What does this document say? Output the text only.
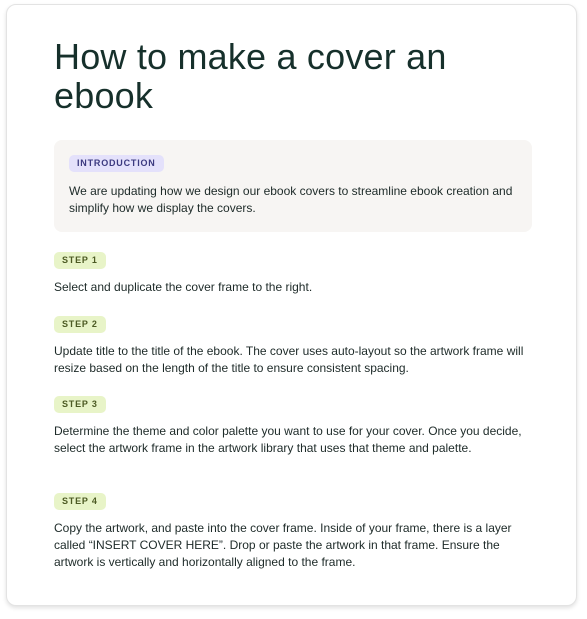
How to make a cover an ebook
INTRODUCTION

We are updating how we design our ebook covers to streamline ebook creation and simplify how we display the covers.

STEP 1

Select and duplicate the cover frame to the right.

STEP 2

Update title to the title of the ebook. The cover uses auto-layout so the artwork frame will resize based on the length of the title to ensure consistent spacing.

STEP 3

Determine the theme and color palette you want to use for your cover. Once you decide, select the artwork frame in the artwork library that uses that theme and palette.

STEP 4

Copy the artwork, and paste into the cover frame. Inside of your frame, there is a layer called “INSERT COVER HERE”. Drop or paste the artwork in that frame. Ensure the artwork is vertically and horizontally aligned to the frame.
